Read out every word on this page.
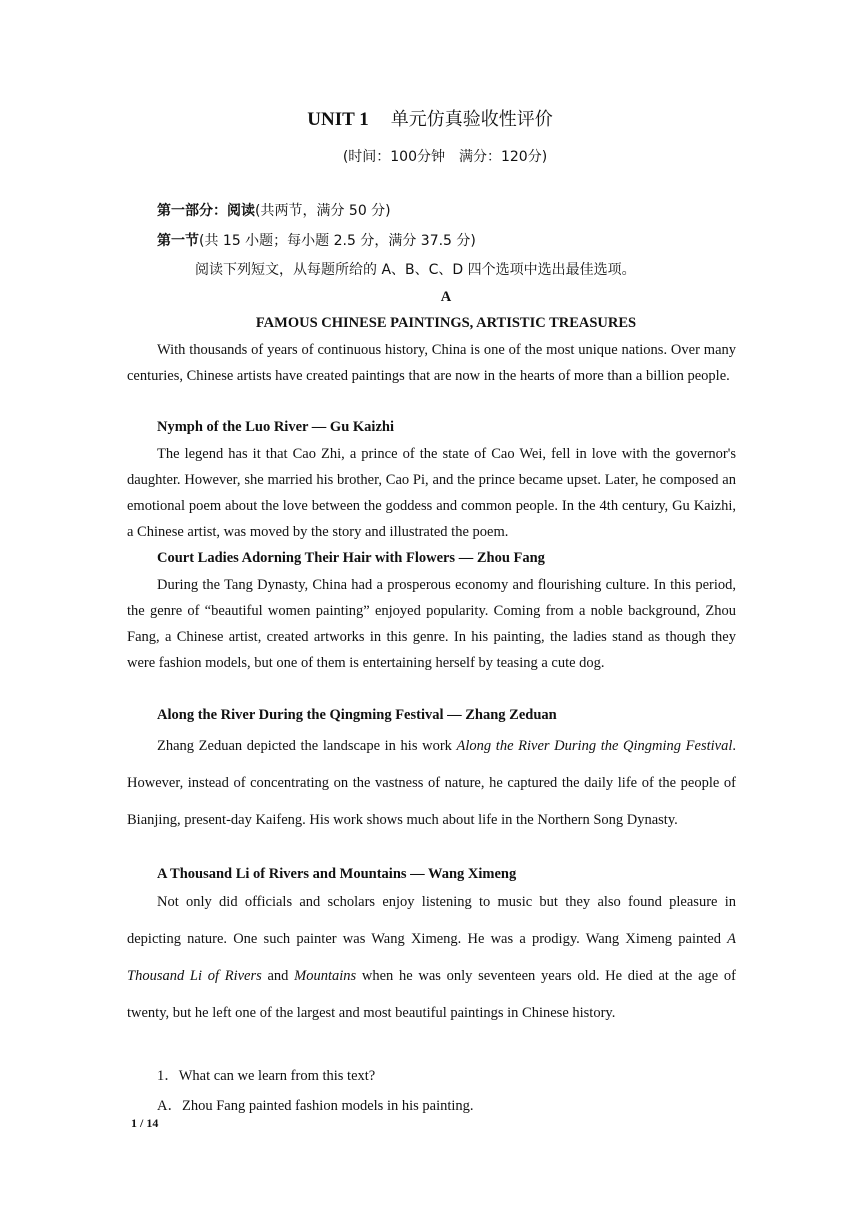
UNIT 1 单元仿真验收性评价
(时间：100分钟　满分：120分)
第一部分：阅读(共两节，满分 50 分)
第一节(共 15 小题；每小题 2.5 分，满分 37.5 分)
阅读下列短文，从每题所给的 A、B、C、D 四个选项中选出最佳选项。
A
FAMOUS CHINESE PAINTINGS, ARTISTIC TREASURES

With thousands of years of continuous history, China is one of the most unique nations. Over many centuries, Chinese artists have created paintings that are now in the hearts of more than a billion people.

Nymph of the Luo River — Gu Kaizhi

The legend has it that Cao Zhi, a prince of the state of Cao Wei, fell in love with the governor's daughter. However, she married his brother, Cao Pi, and the prince became upset. Later, he composed an emotional poem about the love between the goddess and common people. In the 4th century, Gu Kaizhi, a Chinese artist, was moved by the story and illustrated the poem.

Court Ladies Adorning Their Hair with Flowers — Zhou Fang

During the Tang Dynasty, China had a prosperous economy and flourishing culture. In this period, the genre of “beautiful women painting” enjoyed popularity. Coming from a noble background, Zhou Fang, a Chinese artist, created artworks in this genre. In his painting, the ladies stand as though they were fashion models, but one of them is entertaining herself by teasing a cute dog.

Along the River During the Qingming Festival — Zhang Zeduan

Zhang Zeduan depicted the landscape in his work Along the River During the Qingming Festival. However, instead of concentrating on the vastness of nature, he captured the daily life of the people of Bianjing, present-day Kaifeng. His work shows much about life in the Northern Song Dynasty.

A Thousand Li of Rivers and Mountains — Wang Ximeng

Not only did officials and scholars enjoy listening to music but they also found pleasure in depicting nature. One such painter was Wang Ximeng. He was a prodigy. Wang Ximeng painted A Thousand Li of Rivers and Mountains when he was only seventeen years old. He died at the age of twenty, but he left one of the largest and most beautiful paintings in Chinese history.

1．What can we learn from this text?
A．Zhou Fang painted fashion models in his painting.
1 / 14
